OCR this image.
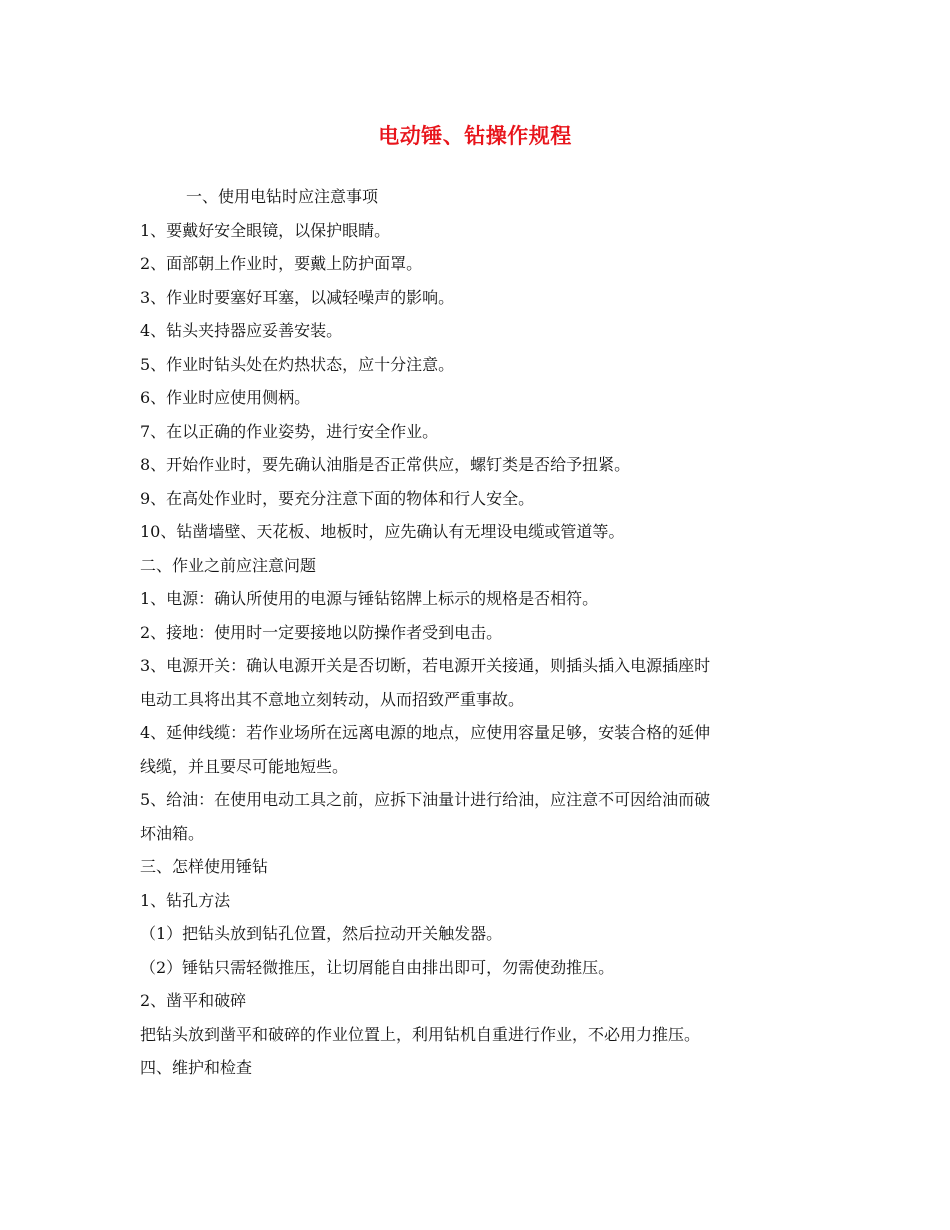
电动锤、钻操作规程
一、使用电钻时应注意事项
1、要戴好安全眼镜，以保护眼睛。
2、面部朝上作业时，要戴上防护面罩。
3、作业时要塞好耳塞，以减轻噪声的影响。
4、钻头夹持器应妥善安装。
5、作业时钻头处在灼热状态，应十分注意。
6、作业时应使用侧柄。
7、在以正确的作业姿势，进行安全作业。
8、开始作业时，要先确认油脂是否正常供应，螺钉类是否给予扭紧。
9、在高处作业时，要充分注意下面的物体和行人安全。
10、钻凿墙壁、天花板、地板时，应先确认有无埋设电缆或管道等。
二、作业之前应注意问题
1、电源：确认所使用的电源与锤钻铭牌上标示的规格是否相符。
2、接地：使用时一定要接地以防操作者受到电击。
3、电源开关：确认电源开关是否切断，若电源开关接通，则插头插入电源插座时
电动工具将出其不意地立刻转动，从而招致严重事故。
4、延伸线缆：若作业场所在远离电源的地点，应使用容量足够，安装合格的延伸
线缆，并且要尽可能地短些。
5、给油：在使用电动工具之前，应拆下油量计进行给油，应注意不可因给油而破
坏油箱。
三、怎样使用锤钻
1、钻孔方法
（1）把钻头放到钻孔位置，然后拉动开关触发器。
（2）锤钻只需轻微推压，让切屑能自由排出即可，勿需使劲推压。
2、凿平和破碎
把钻头放到凿平和破碎的作业位置上，利用钻机自重进行作业，不必用力推压。
四、维护和检查
